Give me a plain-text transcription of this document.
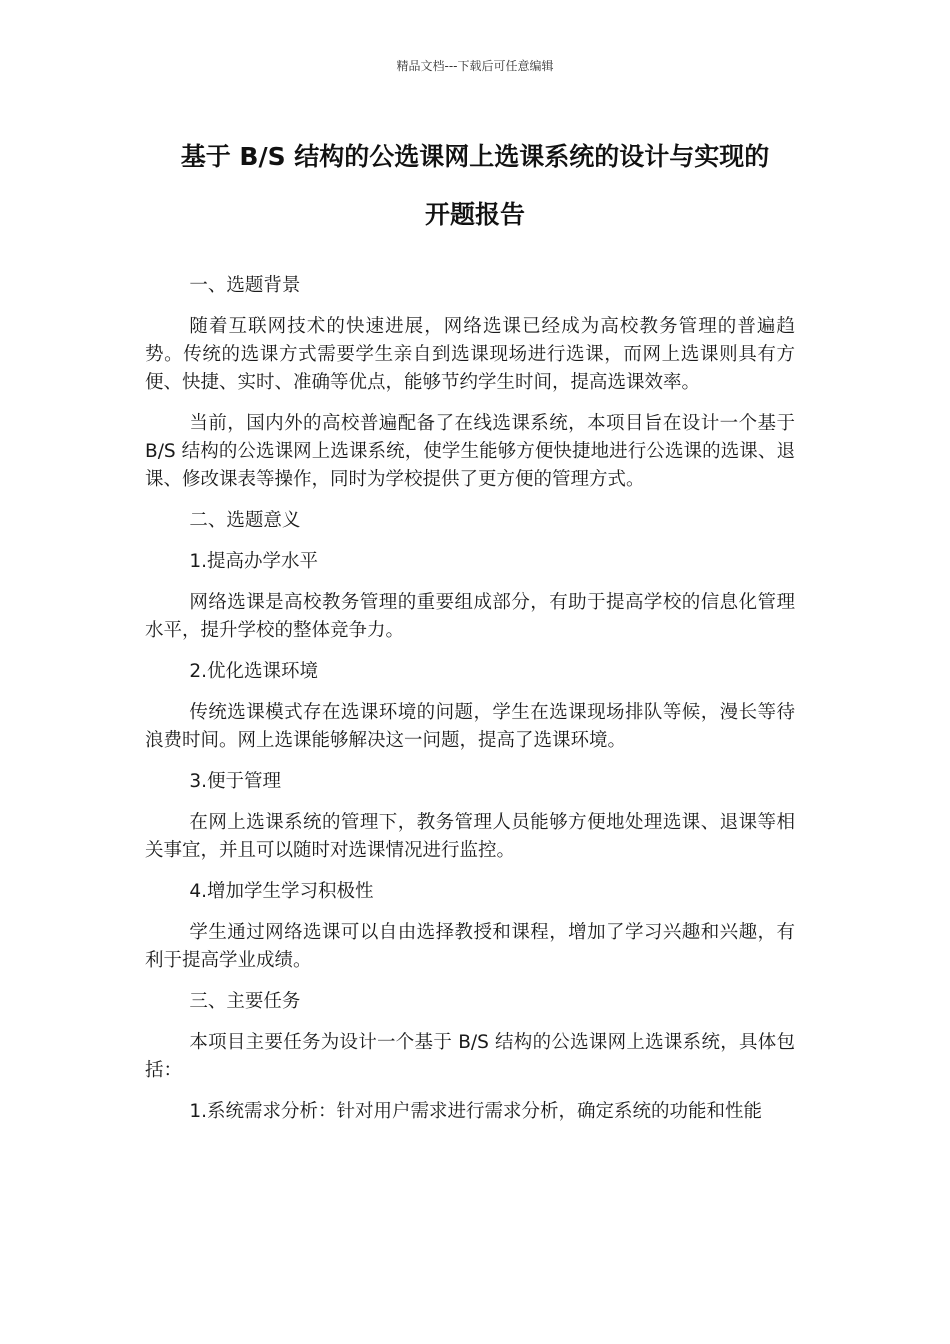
精品文档---下载后可任意编辑
基于 B/S 结构的公选课网上选课系统的设计与实现的
开题报告

一、选题背景

随着互联网技术的快速进展，网络选课已经成为高校教务管理的普遍趋势。传统的选课方式需要学生亲自到选课现场进行选课，而网上选课则具有方便、快捷、实时、准确等优点，能够节约学生时间，提高选课效率。

当前，国内外的高校普遍配备了在线选课系统，本项目旨在设计一个基于 B/S 结构的公选课网上选课系统，使学生能够方便快捷地进行公选课的选课、退课、修改课表等操作，同时为学校提供了更方便的管理方式。

二、选题意义

1.提高办学水平

网络选课是高校教务管理的重要组成部分，有助于提高学校的信息化管理水平，提升学校的整体竞争力。

2.优化选课环境

传统选课模式存在选课环境的问题，学生在选课现场排队等候，漫长等待浪费时间。网上选课能够解决这一问题，提高了选课环境。

3.便于管理

在网上选课系统的管理下，教务管理人员能够方便地处理选课、退课等相关事宜，并且可以随时对选课情况进行监控。

4.增加学生学习积极性

学生通过网络选课可以自由选择教授和课程，增加了学习兴趣和兴趣，有利于提高学业成绩。

三、主要任务

本项目主要任务为设计一个基于 B/S 结构的公选课网上选课系统，具体包括：

1.系统需求分析：针对用户需求进行需求分析，确定系统的功能和性能
